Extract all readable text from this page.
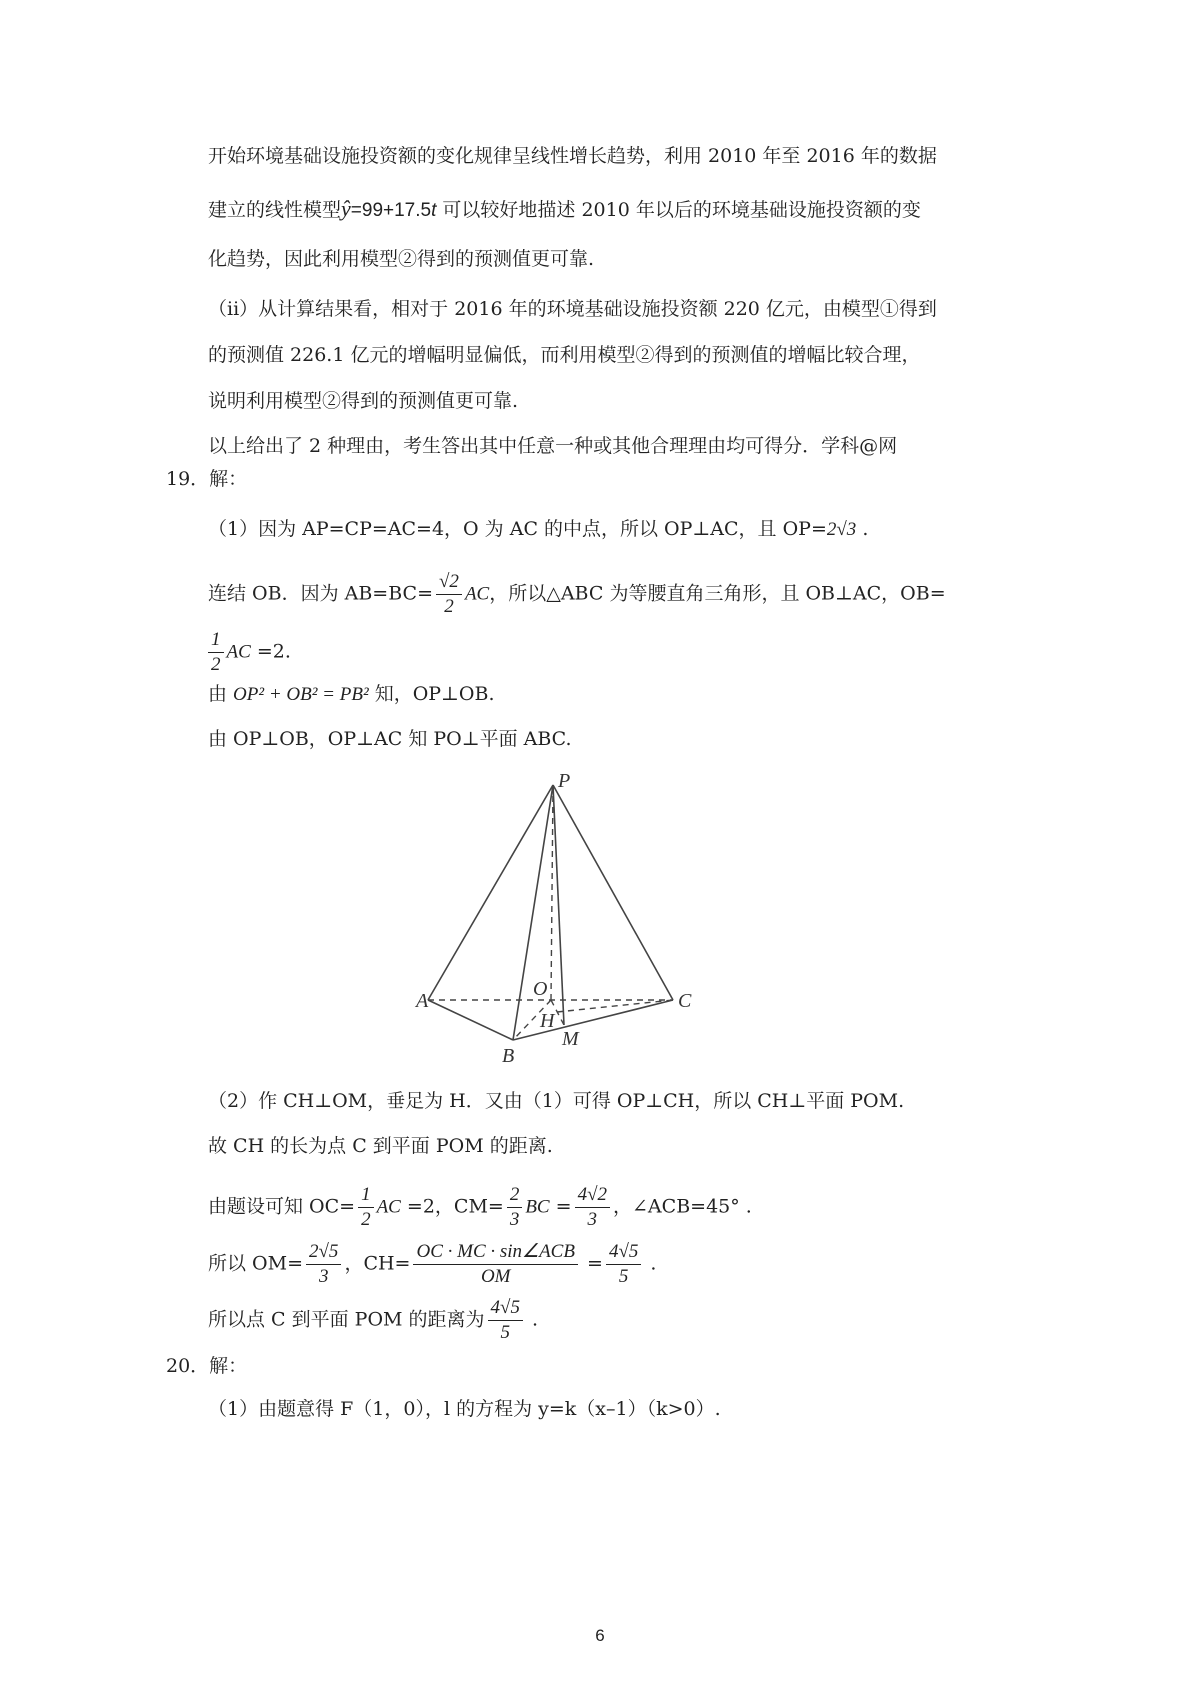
开始环境基础设施投资额的变化规律呈线性增长趋势，利用 2010 年至 2016 年的数据
建立的线性模型ŷ=99+17.5t 可以较好地描述 2010 年以后的环境基础设施投资额的变
化趋势，因此利用模型②得到的预测值更可靠.
（ii）从计算结果看，相对于 2016 年的环境基础设施投资额 220 亿元，由模型①得到
的预测值 226.1 亿元的增幅明显偏低，而利用模型②得到的预测值的增幅比较合理，
说明利用模型②得到的预测值更可靠.
以上给出了 2 种理由，考生答出其中任意一种或其他合理理由均可得分．学科@网
19．解：
（1）因为 AP=CP=AC=4，O 为 AC 的中点，所以 OP⊥AC，且 OP=2√3 .
连结 OB．因为 $AB=BC= \frac{√2}{2}$ AC，所以△ABC 为等腰直角三角形，且 OB⊥AC，OB=
$\frac{1}{2}$ AC =2.
由 OP² + OB² = PB² 知，OP⊥OB.
由 OP⊥OB，OP⊥AC 知 PO⊥平面 ABC.
P
A
B
C
O
H
M
（2）作 CH⊥OM，垂足为 H．又由（1）可得 OP⊥CH，所以 CH⊥平面 POM.
故 CH 的长为点 C 到平面 POM 的距离.
由题设可知 $OC= \frac{1}{2}$ AC =2，$CM= \frac{2}{3}$ BC = $\frac{4√2}{3}$ ，∠ACB=45° .
所以 $OM= \frac{2√5}{3}$ ，$CH= \frac{\text{OC · MC · sin∠ACB}}{OM} = \frac{4√5}{5}$ .
所以点 C 到平面 POM 的距离为 $\frac{4√5}{5}$ .
20．解：
（1）由题意得 F（1，0），l 的方程为 y=k（x–1）（k>0）.
6
